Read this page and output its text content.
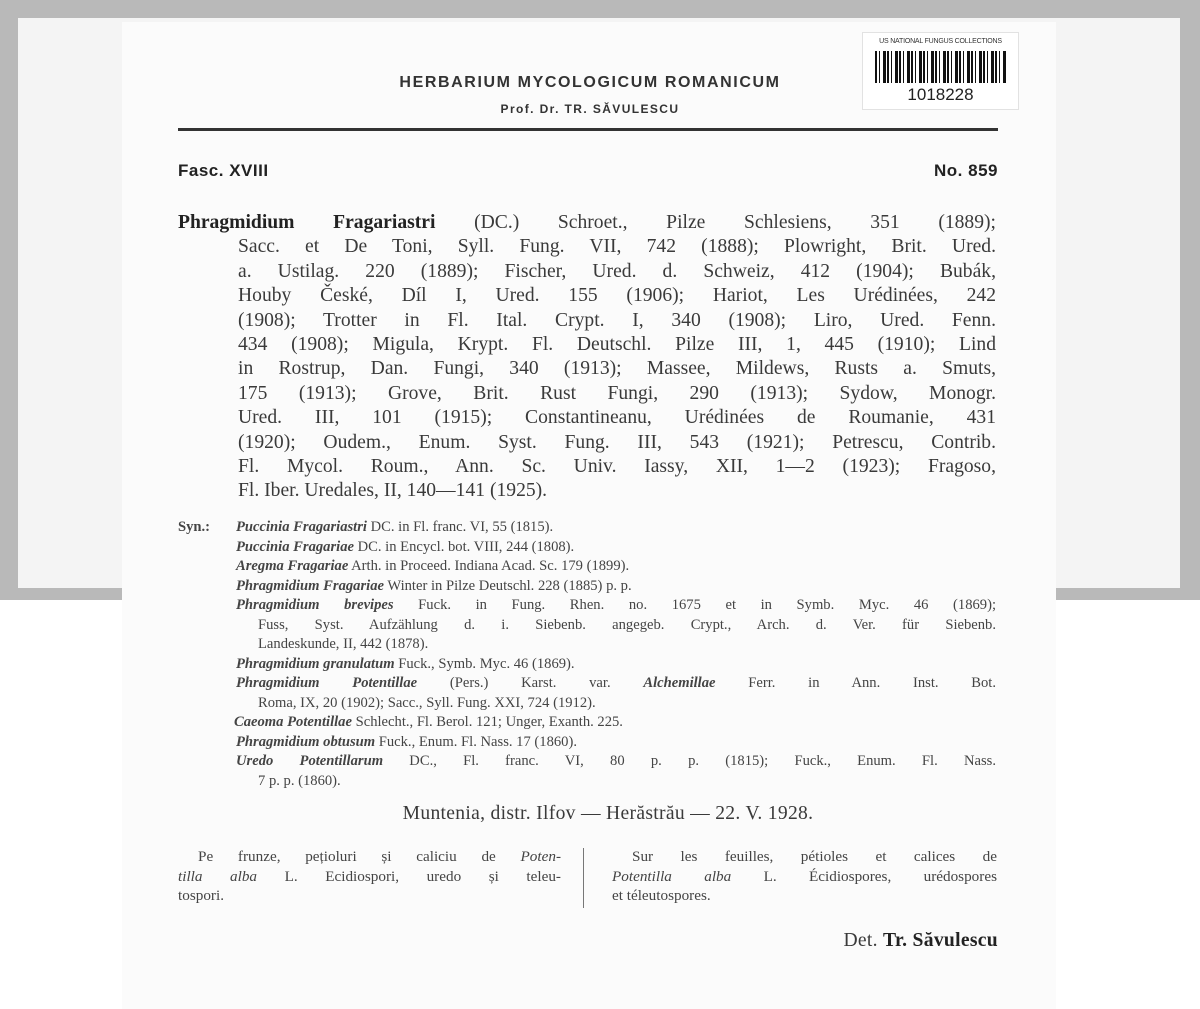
US NATIONAL FUNGUS COLLECTIONS
1018228
HERBARIUM MYCOLOGICUM ROMANICUM
Prof. Dr. TR. SĂVULESCU
Fasc. XVIII	No. 859
Phragmidium Fragariastri (DC.) Schroet., Pilze Schlesiens, 351 (1889);
Sacc. et De Toni, Syll. Fung. VII, 742 (1888); Plowright, Brit. Ured.
a. Ustilag. 220 (1889); Fischer, Ured. d. Schweiz, 412 (1904); Bubák,
Houby České, Díl I, Ured. 155 (1906); Hariot, Les Urédinées, 242
(1908); Trotter in Fl. Ital. Crypt. I, 340 (1908); Liro, Ured. Fenn.
434 (1908); Migula, Krypt. Fl. Deutschl. Pilze III, 1, 445 (1910); Lind
in Rostrup, Dan. Fungi, 340 (1913); Massee, Mildews, Rusts a. Smuts,
175 (1913); Grove, Brit. Rust Fungi, 290 (1913); Sydow, Monogr.
Ured. III, 101 (1915); Constantineanu, Urédinées de Roumanie, 431
(1920); Oudem., Enum. Syst. Fung. III, 543 (1921); Petrescu, Contrib.
Fl. Mycol. Roum., Ann. Sc. Univ. Iassy, XII, 1—2 (1923); Fragoso,
Fl. Iber. Uredales, II, 140—141 (1925).
Syn.:	Puccinia Fragariastri DC. in Fl. franc. VI, 55 (1815).
Puccinia Fragariae DC. in Encycl. bot. VIII, 244 (1808).
Aregma Fragariae Arth. in Proceed. Indiana Acad. Sc. 179 (1899).
Phragmidium Fragariae Winter in Pilze Deutschl. 228 (1885) p. p.
Phragmidium brevipes Fuck. in Fung. Rhen. no. 1675 et in Symb. Myc. 46 (1869);
Fuss, Syst. Aufzählung d. i. Siebenb. angegeb. Crypt., Arch. d. Ver. für Siebenb.
Landeskunde, II, 442 (1878).
Phragmidium granulatum Fuck., Symb. Myc. 46 (1869).
Phragmidium Potentillae (Pers.) Karst. var. Alchemillae Ferr. in Ann. Inst. Bot.
Roma, IX, 20 (1902); Sacc., Syll. Fung. XXI, 724 (1912).
Caeoma Potentillae Schlecht., Fl. Berol. 121; Unger, Exanth. 225.
Phragmidium obtusum Fuck., Enum. Fl. Nass. 17 (1860).
Uredo Potentillarum DC., Fl. franc. VI, 80 p. p. (1815); Fuck., Enum. Fl. Nass.
7 p. p. (1860).
Muntenia, distr. Ilfov — Herăstrău — 22. V. 1928.
Pe frunze, pețioluri și caliciu de Poten-
tilla alba L. Ecidiospori, uredo și teleu-
tospori.
Sur les feuilles, pétioles et calices de
Potentilla alba L. Écidiospores, urédospores
et téleutospores.
Det. Tr. Săvulescu
